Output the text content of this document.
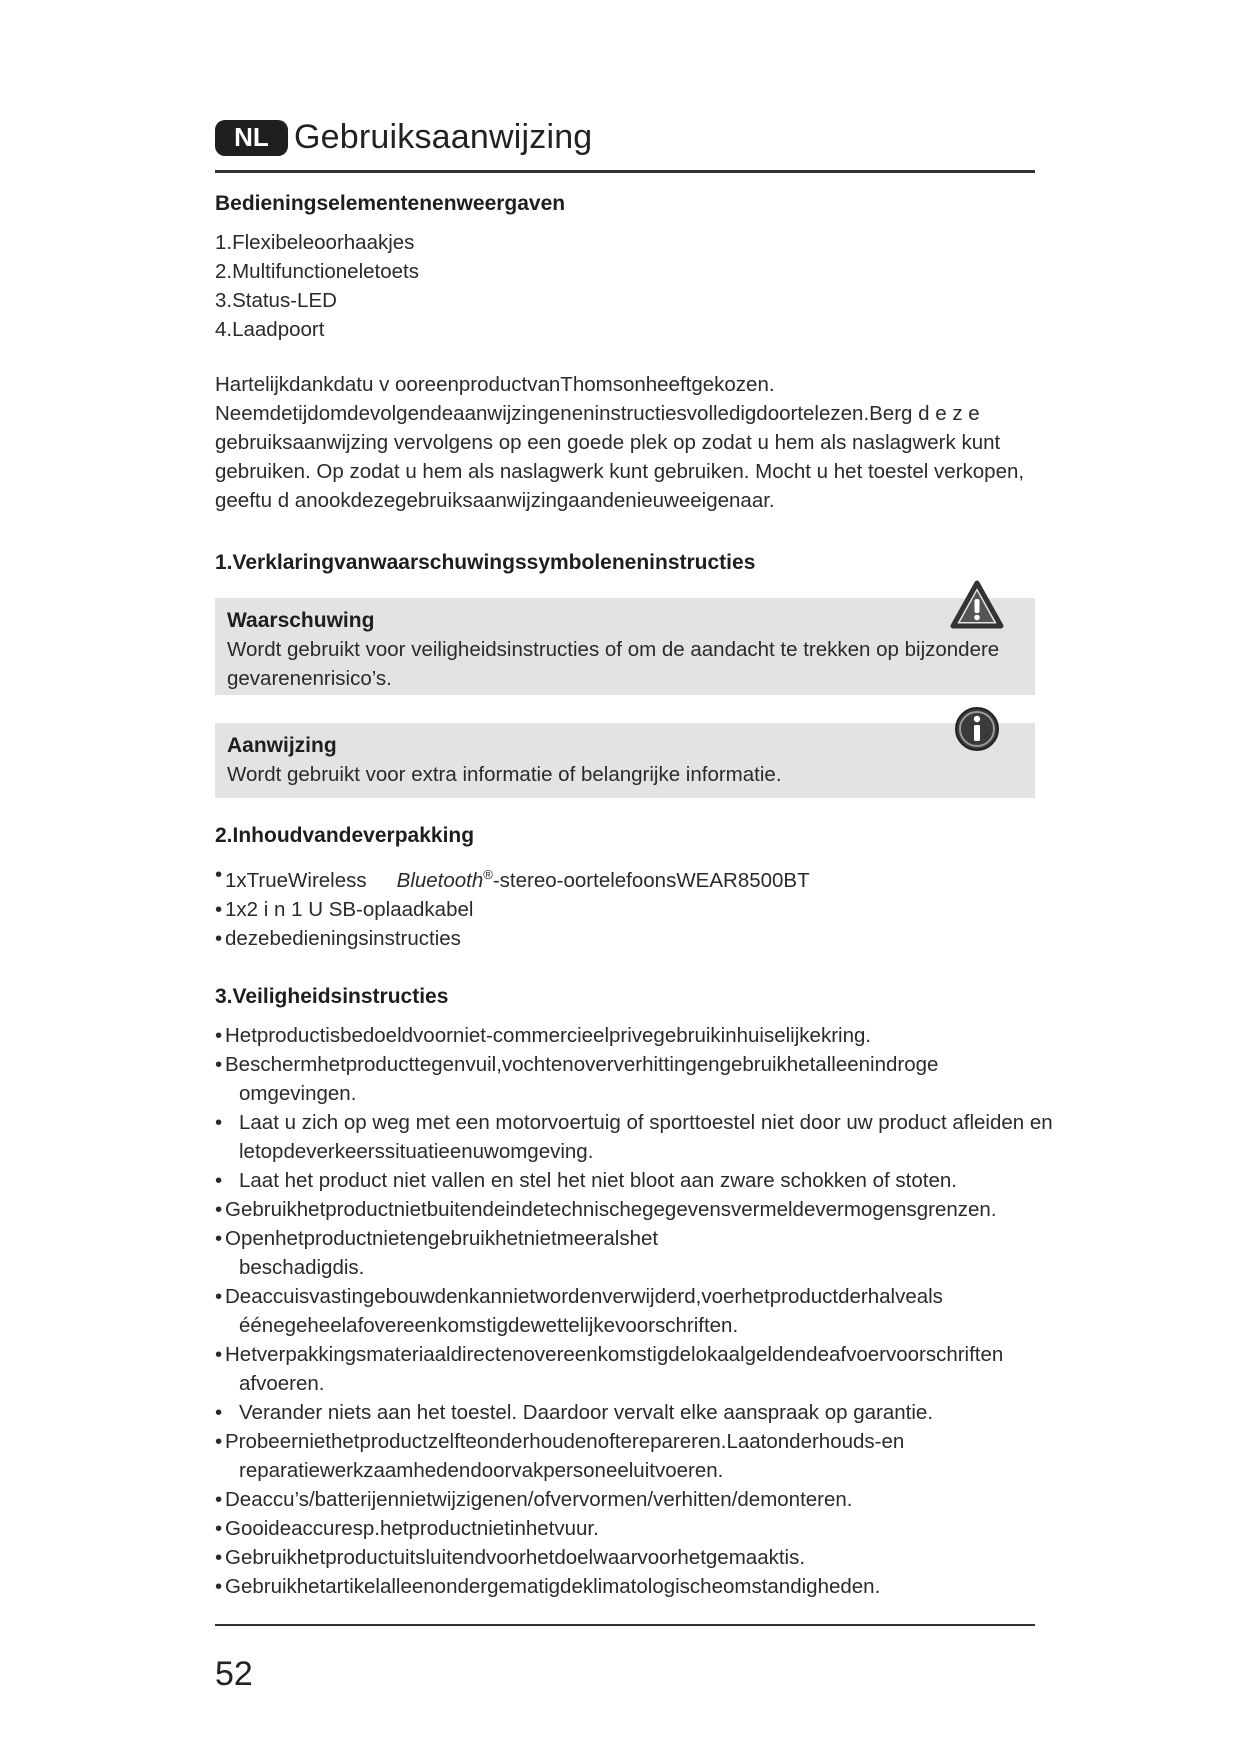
NL Gebruiksaanwijzing
Bedieningselementenenweergaven
1.Flexibeleoorhaakjes
2.Multifunctioneletoets
3.Status-LED
4.Laadpoort
Hartelijkdankdatu v ooreenproductvanThomsonheeftgekozen.
Neemdetijdomdevolgendeaanwijzingeneninstructiesvolledigdoortelezen.Berg d e z e
gebruiksaanwijzing vervolgens op een goede plek op zodat u hem als naslagwerk kunt
gebruiken. Op zodat u hem als naslagwerk kunt gebruiken. Mocht u het toestel verkopen,
geeftu d anookdezegebruiksaanwijzingaandenieuweeigenaar.
1.Verklaringvanwaarschuwingssymboleneninstructies
Waarschuwing
Wordt gebruikt voor veiligheidsinstructies of om de aandacht te trekken op bijzondere
gevarenenrisico’s.
Aanwijzing
Wordt gebruikt voor extra informatie of belangrijke informatie.
2.Inhoudvandeverpakking
• 1xTrueWireless Bluetooth®-stereo-oortelefoonsWEAR8500BT
• 1x2 i n 1 U SB-oplaadkabel
• dezebedieningsinstructies
3.Veiligheidsinstructies
• Hetproductisbedoeldvoorniet-commercieelprivegebruikinhuiselijkekring.
• Beschermhetproducttegenvuil,vochtenoververhittingengebruikhetalleenindroge
omgevingen.
• Laat u zich op weg met een motorvoertuig of sporttoestel niet door uw product afleiden en
letopdeverkeerssituatieenuwomgeving.
• Laat het product niet vallen en stel het niet bloot aan zware schokken of stoten.
• Gebruikhetproductnietbuitendeindetechnischegegevensvermeldevermogensgrenzen.
• Openhetproductnietengebruikhetnietmeeralshet
beschadigdis.
• Deaccuisvastingebouwdenkannietwordenverwijderd,voerhetproductderhalveals
éénegeheelafovereenkomstigdewettelijkevoorschriften.
• Hetverpakkingsmateriaaldirectenovereenkomstigdelokaalgeldendeafvoervoorschriften
afvoeren.
• Verander niets aan het toestel. Daardoor vervalt elke aanspraak op garantie.
• Probeerniethetproductzelfteonderhoudenofterepareren.Laatonderhouds-en
reparatiewerkzaamhedendoorvakpersoneeluitvoeren.
• Deaccu’s/batterijennietwijzigenen/ofvervormen/verhitten/demonteren.
• Gooideaccuresp.hetproductnietinhetvuur.
• Gebruikhetproductuitsluitendvoorhetdoelwaarvoorhetgemaaktis.
• Gebruikhetartikelalleenondergematigdeklimatologischeomstandigheden.
52
